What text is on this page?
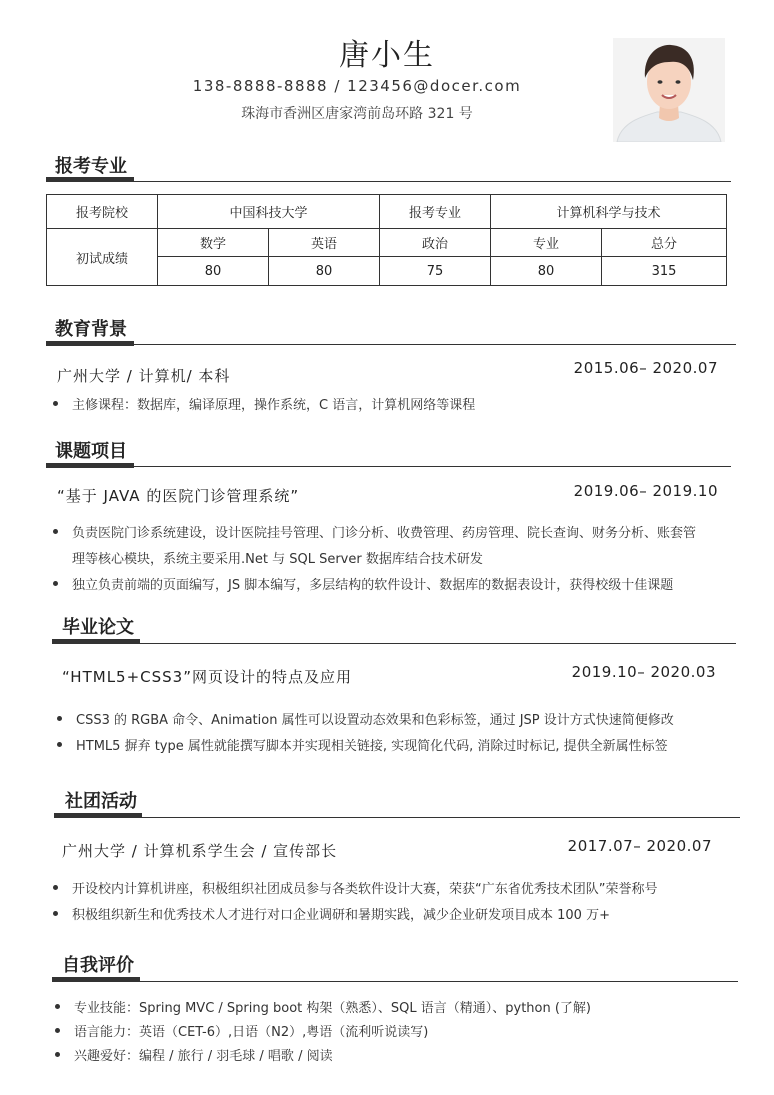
唐小生
138-8888-8888 / 123456@docer.com
珠海市香洲区唐家湾前岛环路 321 号
报考专业
报考院校	中国科技大学		报考专业	计算机科学与技术	
初试成绩	数学	英语	政治	专业	总分
	80	80	75	80	315
教育背景
广州大学 / 计算机/ 本科	2015.06– 2020.07
主修课程：数据库，编译原理，操作系统，C 语言，计算机网络等课程
课题项目
“基于 JAVA 的医院门诊管理系统”	2019.06– 2019.10
负责医院门诊系统建设，设计医院挂号管理、门诊分析、收费管理、药房管理、院长查询、财务分析、账套管
理等核心模块，系统主要采用.Net 与 SQL Server 数据库结合技术研发
独立负责前端的页面编写，JS 脚本编写，多层结构的软件设计、数据库的数据表设计，获得校级十佳课题
毕业论文
“HTML5+CSS3”网页设计的特点及应用	2019.10– 2020.03
CSS3 的 RGBA 命令、Animation 属性可以设置动态效果和色彩标签，通过 JSP 设计方式快速简便修改
HTML5 摒弃 type 属性就能撰写脚本并实现相关链接, 实现简化代码, 消除过时标记, 提供全新属性标签
社团活动
广州大学 / 计算机系学生会 / 宣传部长	2017.07– 2020.07
开设校内计算机讲座，积极组织社团成员参与各类软件设计大赛，荣获“广东省优秀技术团队”荣誉称号
积极组织新生和优秀技术人才进行对口企业调研和暑期实践，减少企业研发项目成本 100 万+
自我评价
专业技能：Spring MVC / Spring boot 构架（熟悉）、SQL 语言（精通）、python (了解)
语言能力：英语（CET-6）,日语（N2）,粤语（流利听说读写)
兴趣爱好：编程 / 旅行 / 羽毛球 / 唱歌 / 阅读
